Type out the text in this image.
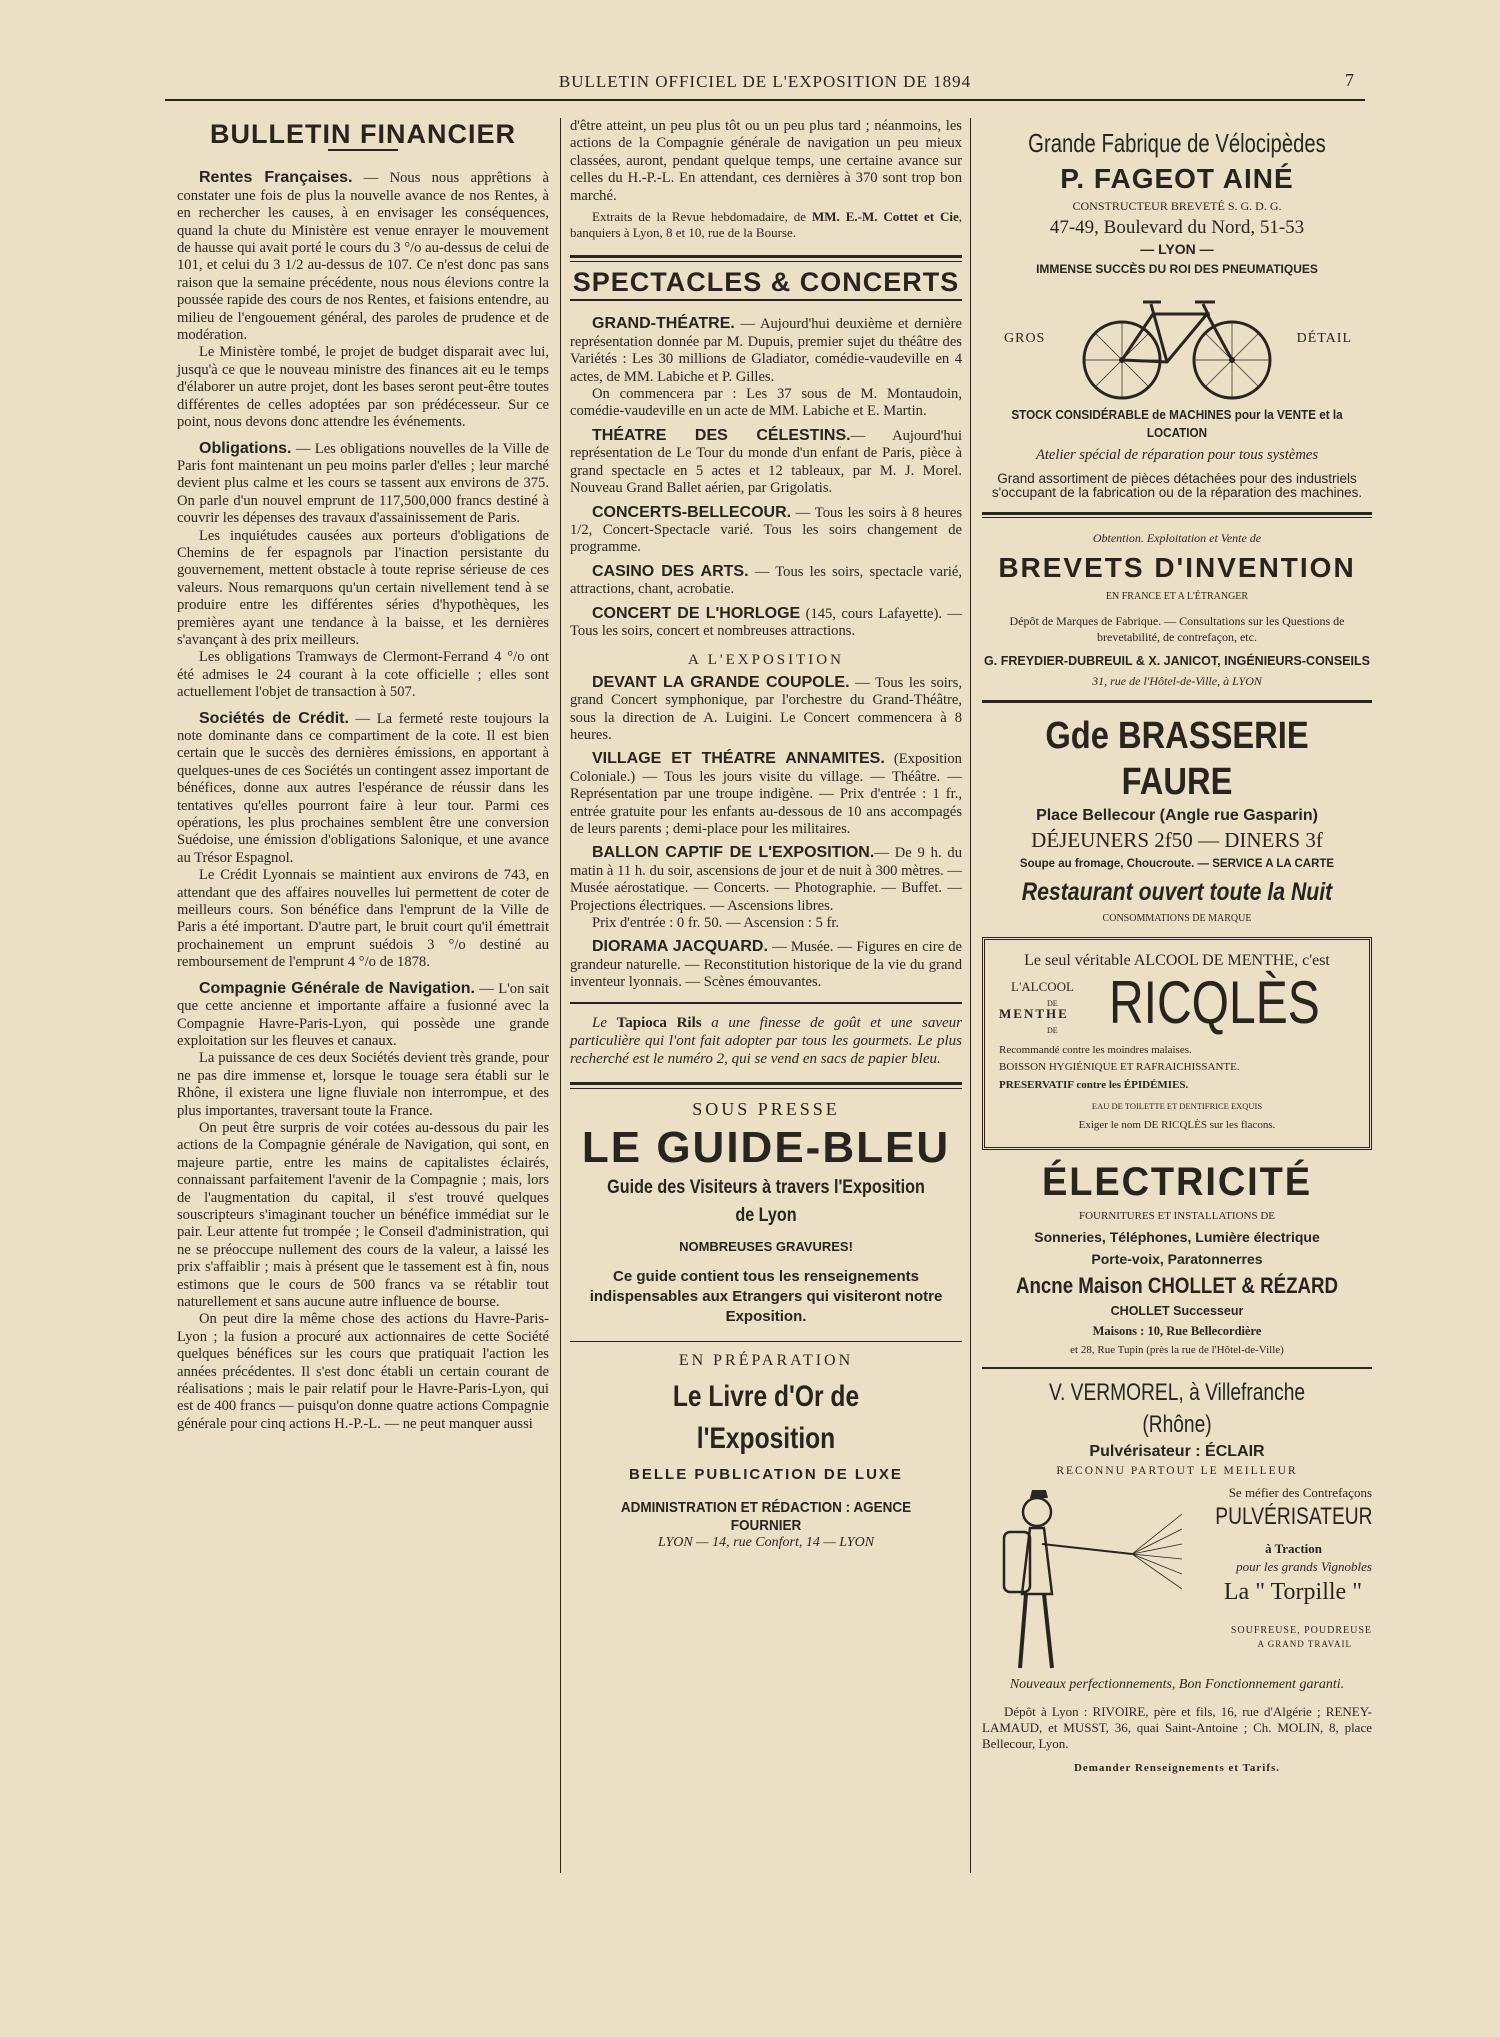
BULLETIN OFFICIEL DE L'EXPOSITION DE 1894	7
BULLETIN FINANCIER

Rentes Françaises. — Nous nous apprêtions à constater une fois de plus la nouvelle avance de nos Rentes, à en rechercher les causes, à en envisager les conséquences, quand la chute du Ministère est venue enrayer le mouvement de hausse qui avait porté le cours du 3 °/o au-dessus de celui de 101, et celui du 3 1/2 au-dessus de 107. Ce n'est donc pas sans raison que la semaine précédente, nous nous élevions contre la poussée rapide des cours de nos Rentes, et faisions entendre, au milieu de l'engouement général, des paroles de prudence et de modération.

Le Ministère tombé, le projet de budget disparait avec lui, jusqu'à ce que le nouveau ministre des finances ait eu le temps d'élaborer un autre projet, dont les bases seront peut-être toutes différentes de celles adoptées par son prédécesseur. Sur ce point, nous devons donc attendre les événements.

Obligations. — Les obligations nouvelles de la Ville de Paris font maintenant un peu moins parler d'elles ; leur marché devient plus calme et les cours se tassent aux environs de 375. On parle d'un nouvel emprunt de 117,500,000 francs destiné à couvrir les dépenses des travaux d'assainissement de Paris.

Les inquiétudes causées aux porteurs d'obligations de Chemins de fer espagnols par l'inaction persistante du gouvernement, mettent obstacle à toute reprise sérieuse de ces valeurs. Nous remarquons qu'un certain nivellement tend à se produire entre les différentes séries d'hypothèques, les premières ayant une tendance à la baisse, et les dernières s'avançant à des prix meilleurs.

Les obligations Tramways de Clermont-Ferrand 4 °/o ont été admises le 24 courant à la cote officielle ; elles sont actuellement l'objet de transaction à 507.

Sociétés de Crédit. — La fermeté reste toujours la note dominante dans ce compartiment de la cote. Il est bien certain que le succès des dernières émissions, en apportant à quelques-unes de ces Sociétés un contingent assez important de bénéfices, donne aux autres l'espérance de réussir dans les tentatives qu'elles pourront faire à leur tour. Parmi ces opérations, les plus prochaines semblent être une conversion Suédoise, une émission d'obligations Salonique, et une avance au Trésor Espagnol.

Le Crédit Lyonnais se maintient aux environs de 743, en attendant que des affaires nouvelles lui permettent de coter de meilleurs cours. Son bénéfice dans l'emprunt de la Ville de Paris a été important. D'autre part, le bruit court qu'il émettrait prochainement un emprunt suédois 3 °/o destiné au remboursement de l'emprunt 4 °/o de 1878.

Compagnie Générale de Navigation. — L'on sait que cette ancienne et importante affaire a fusionné avec la Compagnie Havre-Paris-Lyon, qui possède une grande exploitation sur les fleuves et canaux.

La puissance de ces deux Sociétés devient très grande, pour ne pas dire immense et, lorsque le touage sera établi sur le Rhône, il existera une ligne fluviale non interrompue, et des plus importantes, traversant toute la France.

On peut être surpris de voir cotées au-dessous du pair les actions de la Compagnie générale de Navigation, qui sont, en majeure partie, entre les mains de capitalistes éclairés, connaissant parfaitement l'avenir de la Compagnie ; mais, lors de l'augmentation du capital, il s'est trouvé quelques souscripteurs s'imaginant toucher un bénéfice immédiat sur le pair. Leur attente fut trompée ; le Conseil d'administration, qui ne se préoccupe nullement des cours de la valeur, a laissé les prix s'affaiblir ; mais à présent que le tassement est à fin, nous estimons que le cours de 500 francs va se rétablir tout naturellement et sans aucune autre influence de bourse.

On peut dire la même chose des actions du Havre-Paris-Lyon ; la fusion a procuré aux actionnaires de cette Société quelques bénéfices sur les cours que pratiquait l'action les années précédentes. Il s'est donc établi un certain courant de réalisations ; mais le pair relatif pour le Havre-Paris-Lyon, qui est de 400 francs — puisqu'on donne quatre actions Compagnie générale pour cinq actions H.-P.-L. — ne peut manquer aussi

d'être atteint, un peu plus tôt ou un peu plus tard ; néanmoins, les actions de la Compagnie générale de navigation un peu mieux classées, auront, pendant quelque temps, une certaine avance sur celles du H.-P.-L. En attendant, ces dernières à 370 sont trop bon marché.

Extraits de la Revue hebdomadaire, de MM. E.-M. Cottet et Cie, banquiers à Lyon, 8 et 10, rue de la Bourse.

SPECTACLES & CONCERTS

GRAND-THÉATRE. — Aujourd'hui deuxième et dernière représentation donnée par M. Dupuis, premier sujet du théâtre des Variétés : Les 30 millions de Gladiator, comédie-vaudeville en 4 actes, de MM. Labiche et P. Gilles.

On commencera par : Les 37 sous de M. Montaudoin, comédie-vaudeville en un acte de MM. Labiche et E. Martin.

THÉATRE DES CÉLESTINS.— Aujourd'hui représentation de Le Tour du monde d'un enfant de Paris, pièce à grand spectacle en 5 actes et 12 tableaux, par M. J. Morel. Nouveau Grand Ballet aérien, par Grigolatis.

CONCERTS-BELLECOUR. — Tous les soirs à 8 heures 1/2, Concert-Spectacle varié. Tous les soirs changement de programme.

CASINO DES ARTS. — Tous les soirs, spectacle varié, attractions, chant, acrobatie.

CONCERT DE L'HORLOGE (145, cours Lafayette). — Tous les soirs, concert et nombreuses attractions.

A L'EXPOSITION

DEVANT LA GRANDE COUPOLE. — Tous les soirs, grand Concert symphonique, par l'orchestre du Grand-Théâtre, sous la direction de A. Luigini. Le Concert commencera à 8 heures.

VILLAGE ET THÉATRE ANNAMITES. (Exposition Coloniale.) — Tous les jours visite du village. — Théâtre. — Représentation par une troupe indigène. — Prix d'entrée : 1 fr., entrée gratuite pour les enfants au-dessous de 10 ans accompagés de leurs parents ; demi-place pour les militaires.

BALLON CAPTIF DE L'EXPOSITION.— De 9 h. du matin à 11 h. du soir, ascensions de jour et de nuit à 300 mètres. — Musée aérostatique. — Concerts. — Photographie. — Buffet. — Projections électriques. — Ascensions libres.

Prix d'entrée : 0 fr. 50. — Ascension : 5 fr.

DIORAMA JACQUARD. — Musée. — Figures en cire de grandeur naturelle. — Reconstitution historique de la vie du grand inventeur lyonnais. — Scènes émouvantes.

Le Tapioca Rils a une finesse de goût et une saveur particulière qui l'ont fait adopter par tous les gourmets. Le plus recherché est le numéro 2, qui se vend en sacs de papier bleu.

SOUS PRESSE

LE GUIDE-BLEU

Guide des Visiteurs à travers l'Exposition de Lyon

NOMBREUSES GRAVURES!

Ce guide contient tous les renseignements indispensables aux Etrangers qui visiteront notre Exposition.

EN PRÉPARATION

Le Livre d'Or de l'Exposition

BELLE PUBLICATION DE LUXE

ADMINISTRATION ET RÉDACTION : AGENCE FOURNIER

LYON — 14, rue Confort, 14 — LYON

Grande Fabrique de Vélocipèdes

P. FAGEOT AINÉ

CONSTRUCTEUR BREVETÉ S. G. D. G.

47-49, Boulevard du Nord, 51-53

— LYON —

IMMENSE SUCCÈS DU ROI DES PNEUMATIQUES

GROS	DÉTAIL

STOCK CONSIDÉRABLE de MACHINES pour la VENTE et la LOCATION

Atelier spécial de réparation pour tous systèmes

Grand assortiment de pièces détachées pour des industriels s'occupant de la fabrication ou de la réparation des machines.

Obtention. Exploitation et Vente de

BREVETS D'INVENTION

EN FRANCE ET A L'ÉTRANGER

Dépôt de Marques de Fabrique. — Consultations sur les Questions de brevetabilité, de contrefaçon, etc.

G. FREYDIER-DUBREUIL & X. JANICOT, INGÉNIEURS-CONSEILS

31, rue de l'Hôtel-de-Ville, à LYON

Gde BRASSERIE FAURE

Place Bellecour (Angle rue Gasparin)

DÉJEUNERS 2f50 — DINERS 3f

Soupe au fromage, Choucroute. — SERVICE A LA CARTE

Restaurant ouvert toute la Nuit

CONSOMMATIONS DE MARQUE

Le seul véritable ALCOOL DE MENTHE, c'est

L'ALCOOL
DE
MENTHE
DE RICQLÈS

Recommandé contre les moindres malaises.

BOISSON HYGIÉNIQUE ET RAFRAICHISSANTE.

PRESERVATIF contre les ÉPIDÉMIES.

EAU DE TOILETTE ET DENTIFRICE EXQUIS

Exiger le nom DE RICQLÈS sur les flacons.

ÉLECTRICITÉ

FOURNITURES ET INSTALLATIONS DE

Sonneries, Téléphones, Lumière électrique

Porte-voix, Paratonnerres

Ancne Maison CHOLLET & RÉZARD

CHOLLET Successeur

Maisons : 10, Rue Bellecordière

et 28, Rue Tupin (près la rue de l'Hôtel-de-Ville)

V. VERMOREL, à Villefranche (Rhône)

Pulvérisateur : ÉCLAIR

RECONNU PARTOUT LE MEILLEUR

Se méfier des Contrefaçons
PULVÉRISATEUR
à Traction
pour les grands Vignobles
La " Torpille "
SOUFREUSE, POUDREUSE
A GRAND TRAVAIL

Nouveaux perfectionnements, Bon Fonctionnement garanti.

Dépôt à Lyon : RIVOIRE, père et fils, 16, rue d'Algérie ; RENEY-LAMAUD, et MUSST, 36, quai Saint-Antoine ; Ch. MOLIN, 8, place Bellecour, Lyon.

Demander Renseignements et Tarifs.
